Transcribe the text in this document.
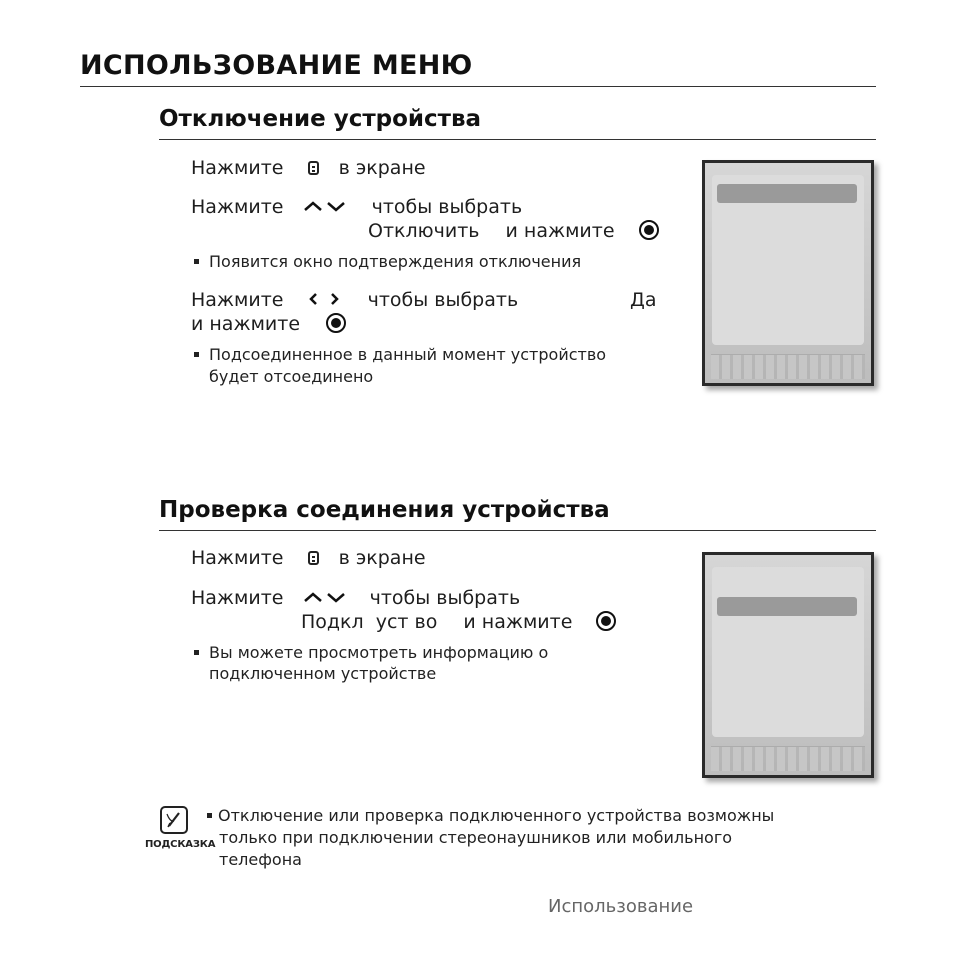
ИСПОЛЬЗОВАНИЕ МЕНЮ
Отключение устройства
Нажмите	в экране
Нажмите	чтобы выбрать
Отключить и нажмите
Появится окно подтверждения отключения
Нажмите	чтобы выбрать	Да
и нажмите
Подсоединенное в данный момент устройство
будет отсоединено
Проверка соединения устройства
Нажмите	в экране
Нажмите	чтобы выбрать
Подкл уст во и нажмите
Вы можете просмотреть информацию о
подключенном устройстве
ПОДСКАЗКА
Отключение или проверка подключенного устройства возможны
только при подключении стереонаушников или мобильного
телефона
Использование
